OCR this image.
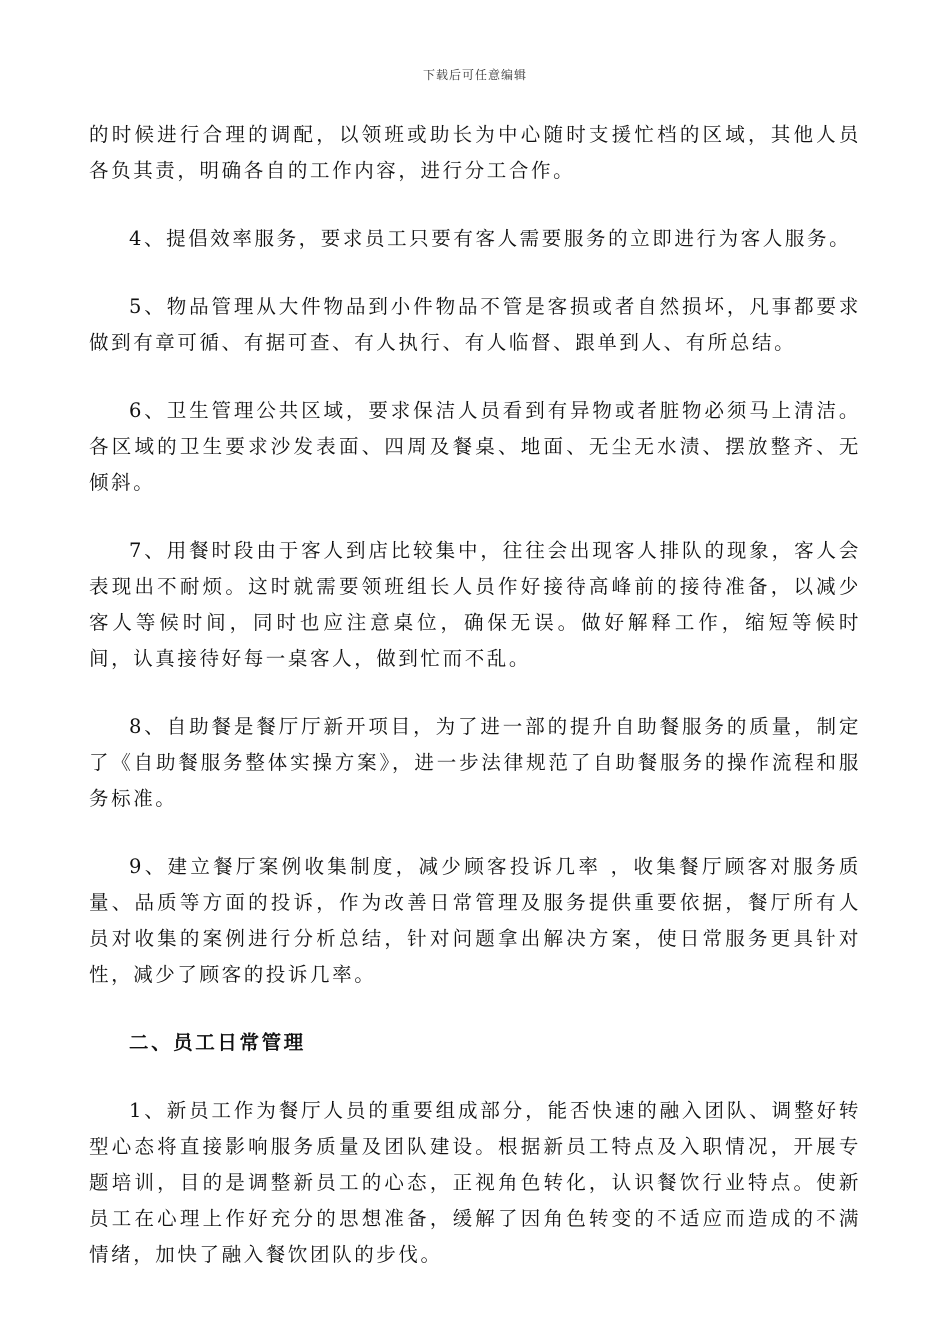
下载后可任意编辑

的时候进行合理的调配，以领班或助长为中心随时支援忙档的区域，其他人员各负其责，明确各自的工作内容，进行分工合作。

4、提倡效率服务，要求员工只要有客人需要服务的立即进行为客人服务。

5、物品管理从大件物品到小件物品不管是客损或者自然损坏，凡事都要求做到有章可循、有据可查、有人执行、有人临督、跟单到人、有所总结。

6、卫生管理公共区域，要求保洁人员看到有异物或者脏物必须马上清洁。各区域的卫生要求沙发表面、四周及餐桌、地面、无尘无水渍、摆放整齐、无倾斜。

7、用餐时段由于客人到店比较集中，往往会出现客人排队的现象，客人会表现出不耐烦。这时就需要领班组长人员作好接待高峰前的接待准备，以减少客人等候时间，同时也应注意桌位，确保无误。做好解释工作，缩短等候时间，认真接待好每一桌客人，做到忙而不乱。

8、自助餐是餐厅厅新开项目，为了进一部的提升自助餐服务的质量，制定了《自助餐服务整体实操方案》，进一步法律规范了自助餐服务的操作流程和服务标准。

9、建立餐厅案例收集制度，减少顾客投诉几率 ，收集餐厅顾客对服务质量、品质等方面的投诉，作为改善日常管理及服务提供重要依据，餐厅所有人员对收集的案例进行分析总结，针对问题拿出解决方案，使日常服务更具针对性，减少了顾客的投诉几率。

二、员工日常管理

1、新员工作为餐厅人员的重要组成部分，能否快速的融入团队、调整好转型心态将直接影响服务质量及团队建设。根据新员工特点及入职情况，开展专题培训，目的是调整新员工的心态，正视角色转化，认识餐饮行业特点。使新员工在心理上作好充分的思想准备，缓解了因角色转变的不适应而造成的不满情绪，加快了融入餐饮团队的步伐。
